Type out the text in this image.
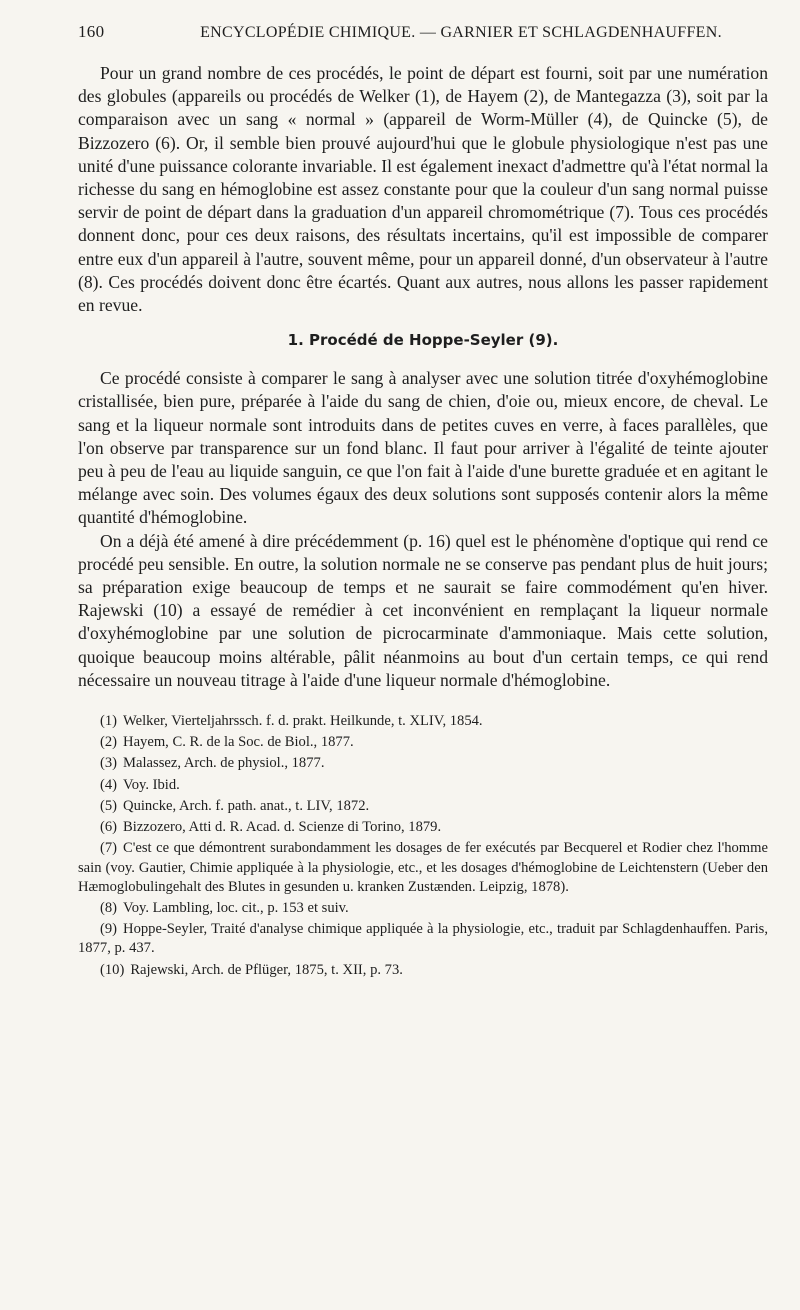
160	ENCYCLOPÉDIE CHIMIQUE. — GARNIER ET SCHLAGDENHAUFFEN.

Pour un grand nombre de ces procédés, le point de départ est fourni, soit par une numération des globules (appareils ou procédés de Welker (1), de Hayem (2), de Mantegazza (3), soit par la comparaison avec un sang « normal » (appareil de Worm-Müller (4), de Quincke (5), de Bizzozero (6). Or, il semble bien prouvé aujourd'hui que le globule physiologique n'est pas une unité d'une puissance colorante invariable. Il est également inexact d'admettre qu'à l'état normal la richesse du sang en hémoglobine est assez constante pour que la couleur d'un sang normal puisse servir de point de départ dans la graduation d'un appareil chromométrique (7). Tous ces procédés donnent donc, pour ces deux raisons, des résultats incertains, qu'il est impossible de comparer entre eux d'un appareil à l'autre, souvent même, pour un appareil donné, d'un observateur à l'autre (8). Ces procédés doivent donc être écartés. Quant aux autres, nous allons les passer rapidement en revue.

1. Procédé de Hoppe-Seyler (9).

Ce procédé consiste à comparer le sang à analyser avec une solution titrée d'oxyhémoglobine cristallisée, bien pure, préparée à l'aide du sang de chien, d'oie ou, mieux encore, de cheval. Le sang et la liqueur normale sont introduits dans de petites cuves en verre, à faces parallèles, que l'on observe par transparence sur un fond blanc. Il faut pour arriver à l'égalité de teinte ajouter peu à peu de l'eau au liquide sanguin, ce que l'on fait à l'aide d'une burette graduée et en agitant le mélange avec soin. Des volumes égaux des deux solutions sont supposés contenir alors la même quantité d'hémoglobine.

On a déjà été amené à dire précédemment (p. 16) quel est le phénomène d'optique qui rend ce procédé peu sensible. En outre, la solution normale ne se conserve pas pendant plus de huit jours; sa préparation exige beaucoup de temps et ne saurait se faire commodément qu'en hiver. Rajewski (10) a essayé de remédier à cet inconvénient en remplaçant la liqueur normale d'oxyhémoglobine par une solution de picrocarminate d'ammoniaque. Mais cette solution, quoique beaucoup moins altérable, pâlit néanmoins au bout d'un certain temps, ce qui rend nécessaire un nouveau titrage à l'aide d'une liqueur normale d'hémoglobine.

(1) Welker, Vierteljahrssch. f. d. prakt. Heilkunde, t. XLIV, 1854.

(2) Hayem, C. R. de la Soc. de Biol., 1877.

(3) Malassez, Arch. de physiol., 1877.

(4) Voy. Ibid.

(5) Quincke, Arch. f. path. anat., t. LIV, 1872.

(6) Bizzozero, Atti d. R. Acad. d. Scienze di Torino, 1879.

(7) C'est ce que démontrent surabondamment les dosages de fer exécutés par Becquerel et Rodier chez l'homme sain (voy. Gautier, Chimie appliquée à la physiologie, etc., et les dosages d'hémoglobine de Leichtenstern (Ueber den Hæmoglobulingehalt des Blutes in gesunden u. kranken Zustænden. Leipzig, 1878).

(8) Voy. Lambling, loc. cit., p. 153 et suiv.

(9) Hoppe-Seyler, Traité d'analyse chimique appliquée à la physiologie, etc., traduit par Schlagdenhauffen. Paris, 1877, p. 437.

(10) Rajewski, Arch. de Pflüger, 1875, t. XII, p. 73.
